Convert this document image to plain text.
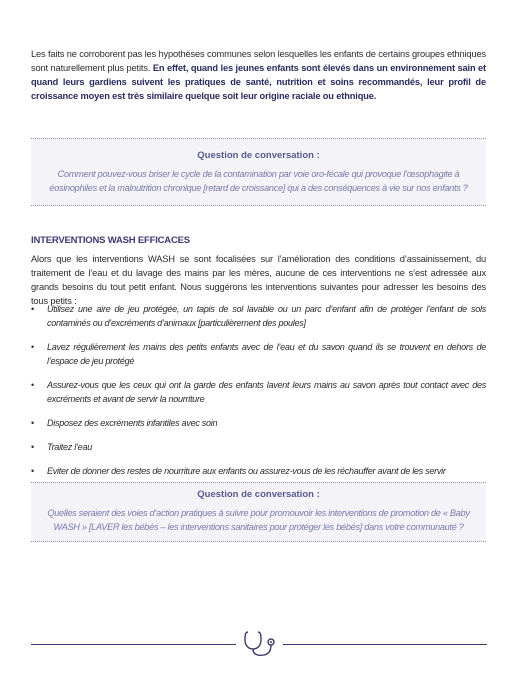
Les faits ne corroborent pas les hypothèses communes selon lesquelles les enfants de certains groupes ethniques sont naturellement plus petits. En effet, quand les jeunes enfants sont élevés dans un environnement sain et quand leurs gardiens suivent les pratiques de santé, nutrition et soins recommandés, leur profil de croissance moyen est très similaire quelque soit leur origine raciale ou ethnique.

Question de conversation :
Comment pouvez-vous briser le cycle de la contamination par voie oro-fécale qui provoque l’œsophagite à éosinophiles et la malnutrition chronique [retard de croissance] qui a des conséquences à vie sur nos enfants ?
INTERVENTIONS WASH EFFICACES

Alors que les interventions WASH se sont focalisées sur l’amélioration des conditions d’assainissement, du traitement de l’eau et du lavage des mains par les mères, aucune de ces interventions ne s’est adressée aux grands besoins du tout petit enfant. Nous suggérons les interventions suivantes pour adresser les besoins des tous petits :

• Utilisez une aire de jeu protégée, un tapis de sol lavable ou un parc d’enfant afin de protéger l’enfant de sols contaminés ou d’excréments d’animaux [particulièrement des poules]
• Lavez régulièrement les mains des petits enfants avec de l’eau et du savon quand ils se trouvent en dehors de l’espace de jeu protégé
• Assurez-vous que les ceux qui ont la garde des enfants lavent leurs mains au savon après tout contact avec des excréments et avant de servir la nourriture
• Disposez des excréments infantiles avec soin
• Traitez l’eau
• Eviter de donner des restes de nourriture aux enfants ou assurez-vous de les réchauffer avant de les servir
Question de conversation :
Quelles seraient des voies d’action pratiques à suivre pour promouvoir les interventions de promotion de « Baby WASH » [LAVER les bébés – les interventions sanitaires pour protéger les bébés] dans votre communauté ?
